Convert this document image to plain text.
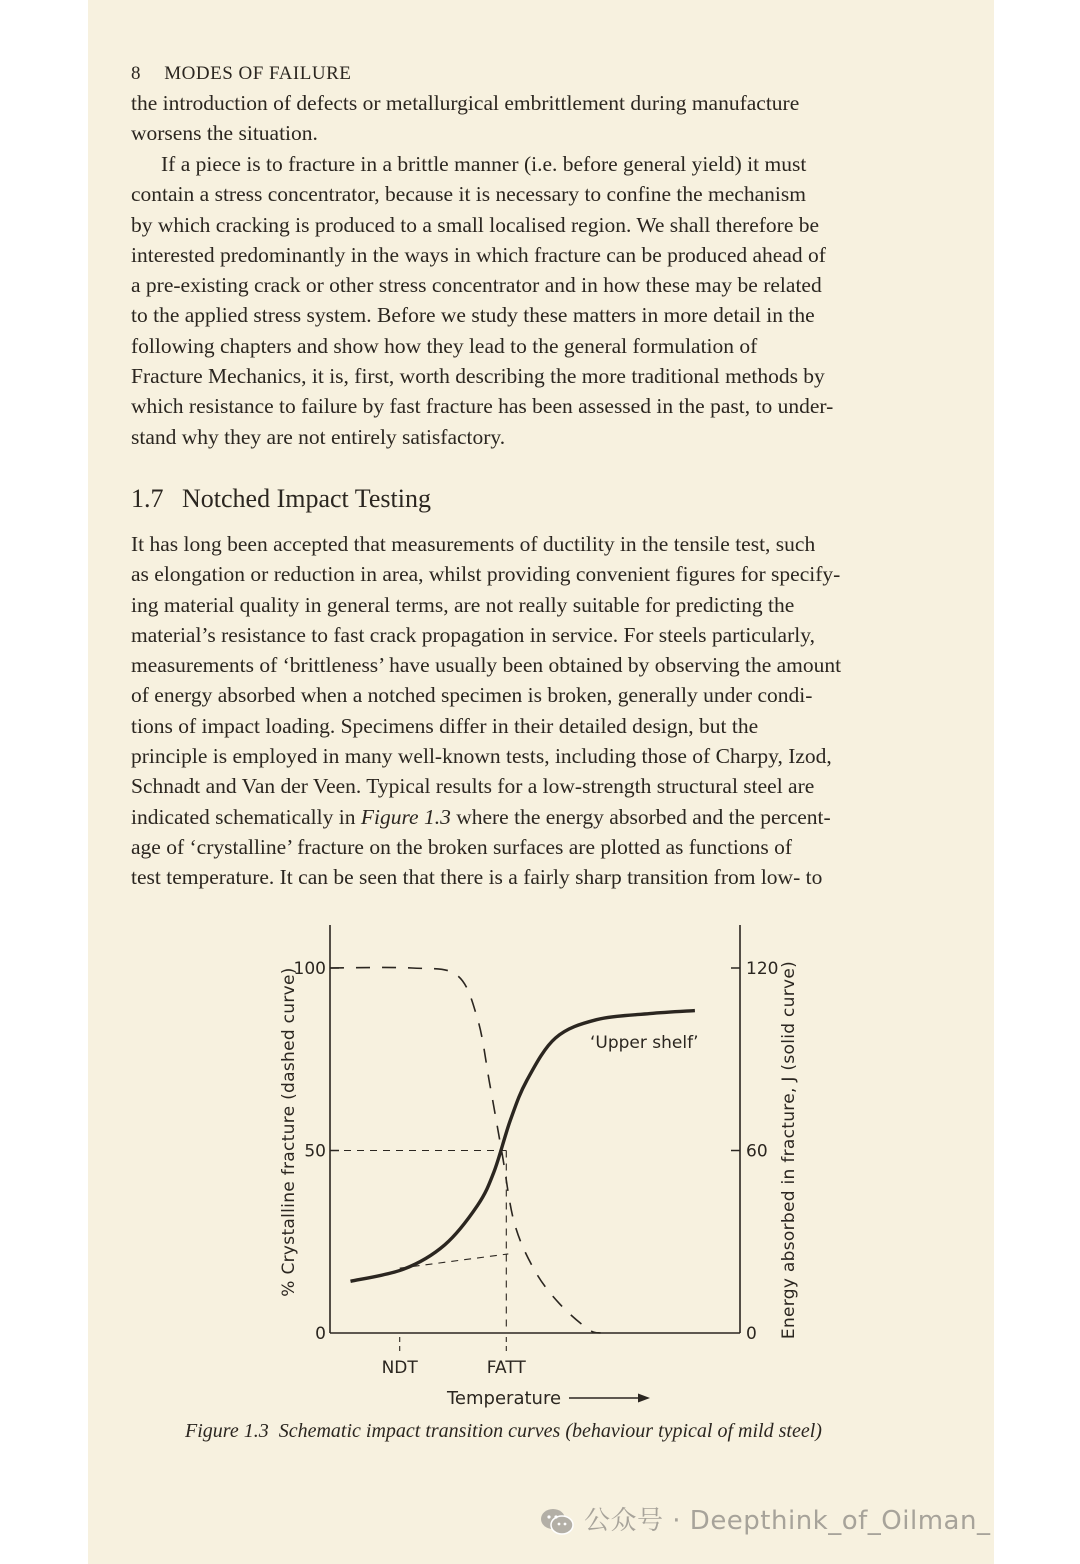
8 MODES OF FAILURE

the introduction of defects or metallurgical embrittlement during manufacture
worsens the situation.

If a piece is to fracture in a brittle manner (i.e. before general yield) it must
contain a stress concentrator, because it is necessary to confine the mechanism
by which cracking is produced to a small localised region. We shall therefore be
interested predominantly in the ways in which fracture can be produced ahead of
a pre-existing crack or other stress concentrator and in how these may be related
to the applied stress system. Before we study these matters in more detail in the
following chapters and show how they lead to the general formulation of
Fracture Mechanics, it is, first, worth describing the more traditional methods by
which resistance to failure by fast fracture has been assessed in the past, to under-
stand why they are not entirely satisfactory.

1.7 Notched Impact Testing

It has long been accepted that measurements of ductility in the tensile test, such
as elongation or reduction in area, whilst providing convenient figures for specify-
ing material quality in general terms, are not really suitable for predicting the
material’s resistance to fast crack propagation in service. For steels particularly,
measurements of ‘brittleness’ have usually been obtained by observing the amount
of energy absorbed when a notched specimen is broken, generally under condi-
tions of impact loading. Specimens differ in their detailed design, but the
principle is employed in many well-known tests, including those of Charpy, Izod,
Schnadt and Van der Veen. Typical results for a low-strength structural steel are
indicated schematically in Figure 1.3 where the energy absorbed and the percent-
age of ‘crystalline’ fracture on the broken surfaces are plotted as functions of
test temperature. It can be seen that there is a fairly sharp transition from low- to

0
50
100
0
60
120
NDT	FATT
‘Upper shelf’
Temperature
% Crystalline fracture (dashed curve)	Energy absorbed in fracture, J (solid curve)
Figure 1.3 Schematic impact transition curves (behaviour typical of mild steel)
公众号 · Deepthink_of_Oilman_
